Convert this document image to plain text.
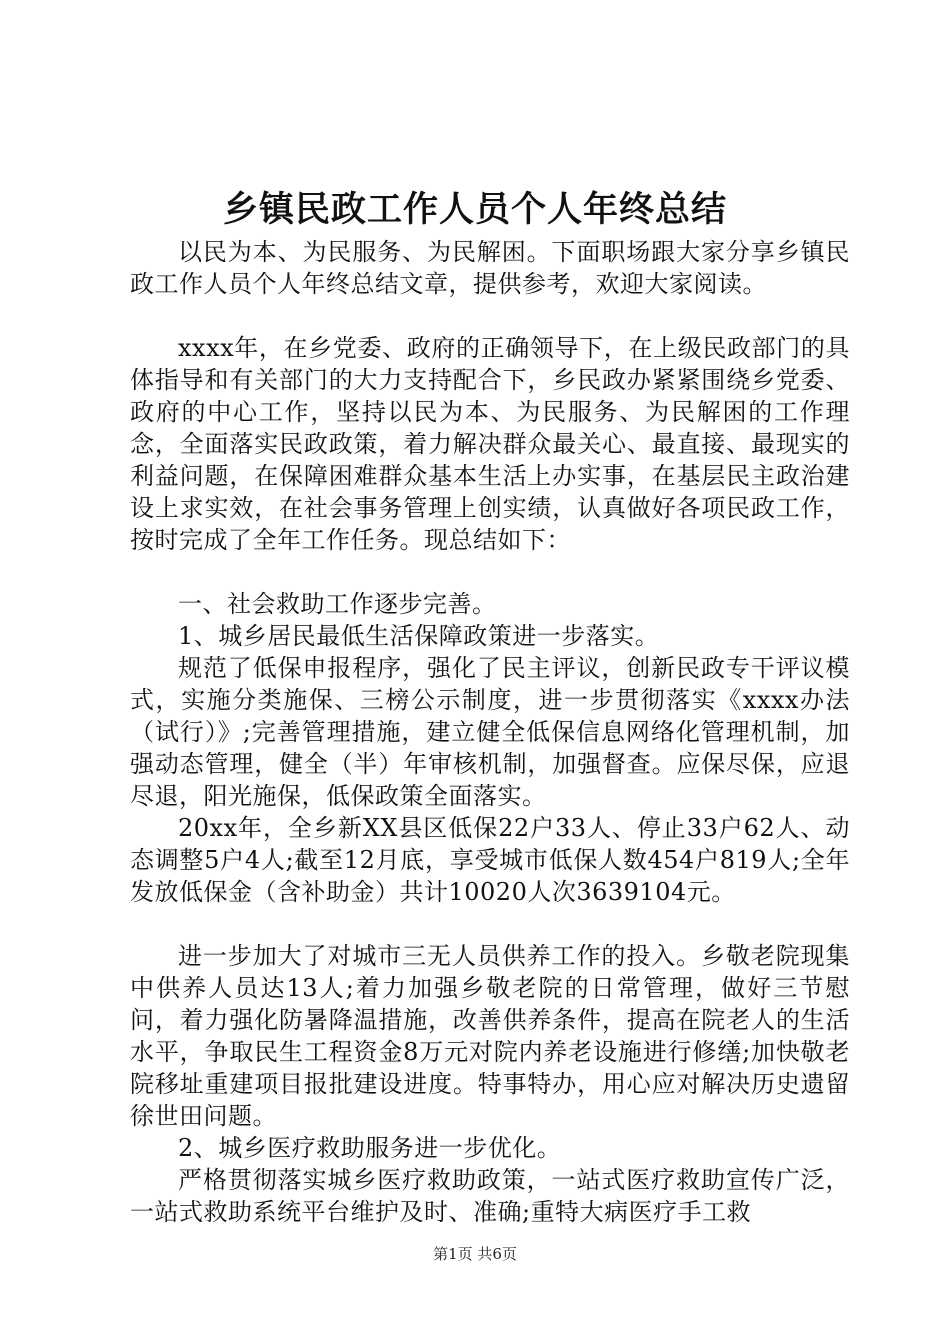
乡镇民政工作人员个人年终总结

以民为本、为民服务、为民解困。下面职场跟大家分享乡镇民政工作人员个人年终总结文章，提供参考，欢迎大家阅读。

xxxx年，在乡党委、政府的正确领导下，在上级民政部门的具体指导和有关部门的大力支持配合下，乡民政办紧紧围绕乡党委、政府的中心工作，坚持以民为本、为民服务、为民解困的工作理念，全面落实民政政策，着力解决群众最关心、最直接、最现实的利益问题，在保障困难群众基本生活上办实事，在基层民主政治建设上求实效，在社会事务管理上创实绩，认真做好各项民政工作，按时完成了全年工作任务。现总结如下：

一、社会救助工作逐步完善。

1、城乡居民最低生活保障政策进一步落实。

规范了低保申报程序，强化了民主评议，创新民政专干评议模式，实施分类施保、三榜公示制度，进一步贯彻落实《xxxx办法（试行）》;完善管理措施，建立健全低保信息网络化管理机制，加强动态管理，健全（半）年审核机制，加强督查。应保尽保，应退尽退，阳光施保，低保政策全面落实。

20xx年，全乡新XX县区低保22户33人、停止33户62人、动态调整5户4人;截至12月底，享受城市低保人数454户819人;全年发放低保金（含补助金）共计10020人次3639104元。

进一步加大了对城市三无人员供养工作的投入。乡敬老院现集中供养人员达13人;着力加强乡敬老院的日常管理，做好三节慰问，着力强化防暑降温措施，改善供养条件，提高在院老人的生活水平，争取民生工程资金8万元对院内养老设施进行修缮;加快敬老院移址重建项目报批建设进度。特事特办，用心应对解决历史遗留徐世田问题。

2、城乡医疗救助服务进一步优化。

严格贯彻落实城乡医疗救助政策，一站式医疗救助宣传广泛，一站式救助系统平台维护及时、准确;重特大病医疗手工救

第1页 共6页
